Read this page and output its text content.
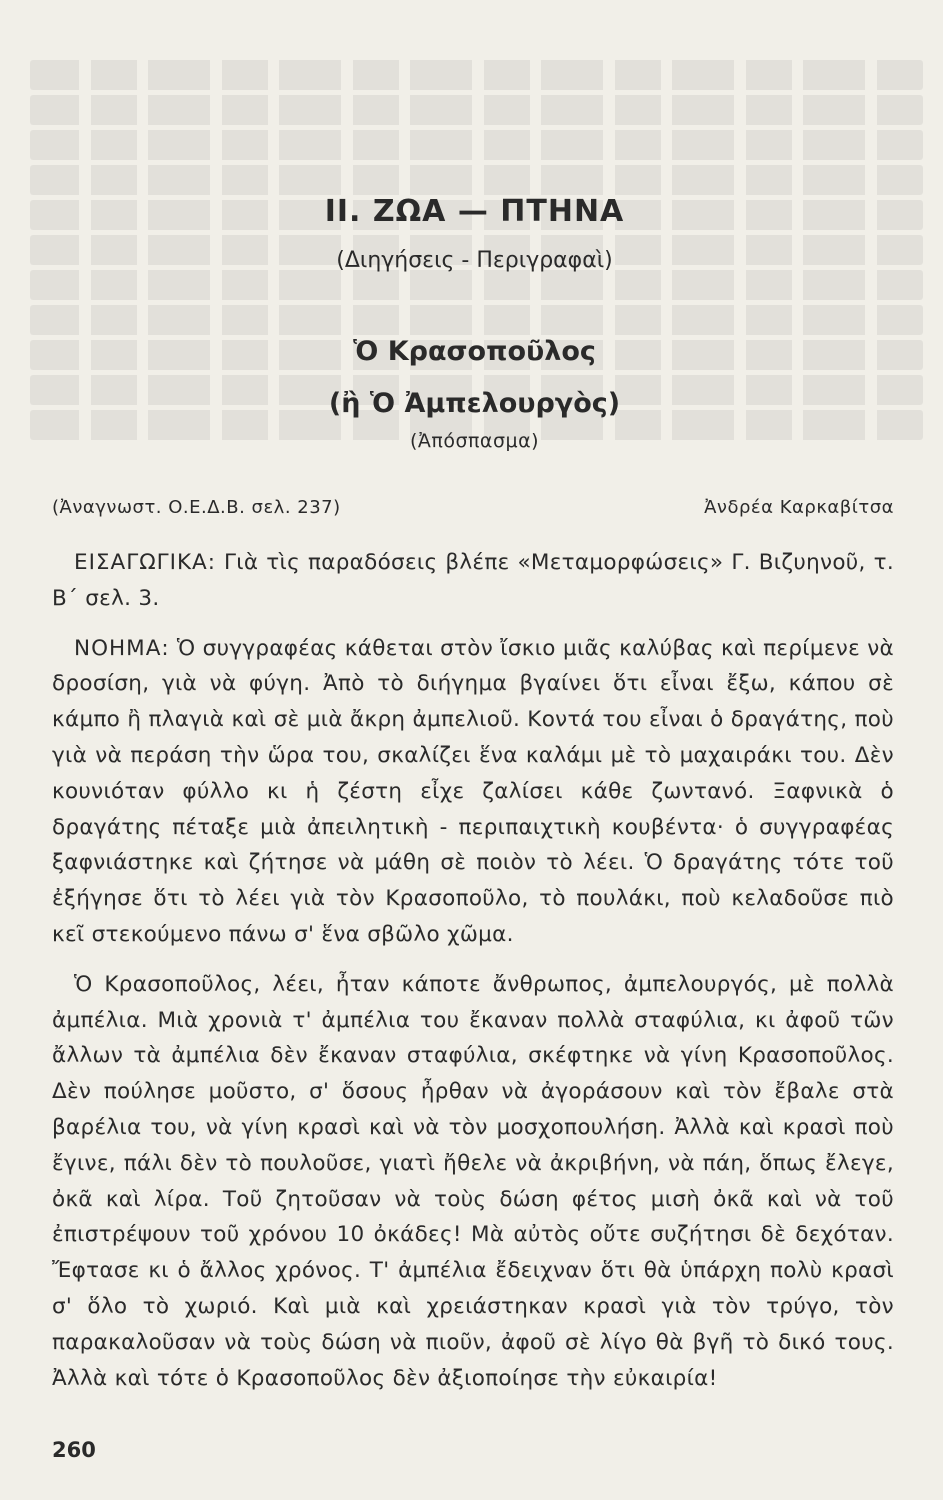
ΙΙ. ΖΩΑ — ΠΤΗΝΑ

(Διηγήσεις - Περιγραφαὶ)

Ὁ Κρασοποῦλος
(ἢ Ὁ Ἀμπελουργὸς)

(Ἀπόσπασμα)

(Ἀναγνωστ. Ο.Ε.Δ.Β. σελ. 237)	Ἀνδρέα Καρκαβίτσα

ΕΙΣΑΓΩΓΙΚΑ: Γιὰ τὶς παραδόσεις βλέπε «Μεταμορφώσεις» Γ. Βιζυηνοῦ, τ. Β΄ σελ. 3.

ΝΟΗΜΑ: Ὁ συγγραφέας κάθεται στὸν ἴσκιο μιᾶς καλύβας καὶ περίμενε νὰ δροσίση, γιὰ νὰ φύγη. Ἀπὸ τὸ διήγημα βγαίνει ὅτι εἶναι ἔξω, κάπου σὲ κάμπο ἢ πλαγιὰ καὶ σὲ μιὰ ἄκρη ἀμπελιοῦ. Κοντά του εἶναι ὁ δραγάτης, ποὺ γιὰ νὰ περάση τὴν ὥρα του, σκαλίζει ἕνα καλάμι μὲ τὸ μαχαιράκι του. Δὲν κουνιόταν φύλλο κι ἡ ζέστη εἶχε ζαλίσει κάθε ζωντανό. Ξαφνικὰ ὁ δραγάτης πέταξε μιὰ ἀπειλητικὴ - περιπαιχτικὴ κουβέντα· ὁ συγγραφέας ξαφνιάστηκε καὶ ζήτησε νὰ μάθη σὲ ποιὸν τὸ λέει. Ὁ δραγάτης τότε τοῦ ἐξήγησε ὅτι τὸ λέει γιὰ τὸν Κρασοποῦλο, τὸ πουλάκι, ποὺ κελαδοῦσε πιὸ κεῖ στεκούμενο πάνω σ' ἕνα σβῶλο χῶμα.

Ὁ Κρασοποῦλος, λέει, ἦταν κάποτε ἄνθρωπος, ἀμπελουργός, μὲ πολλὰ ἀμπέλια. Μιὰ χρονιὰ τ' ἀμπέλια του ἔκαναν πολλὰ σταφύλια, κι ἀφοῦ τῶν ἄλλων τὰ ἀμπέλια δὲν ἔκαναν σταφύλια, σκέφτηκε νὰ γίνη Κρασοποῦλος. Δὲν πούλησε μοῦστο, σ' ὅσους ἦρθαν νὰ ἀγοράσουν καὶ τὸν ἔβαλε στὰ βαρέλια του, νὰ γίνη κρασὶ καὶ νὰ τὸν μοσχοπουλήση. Ἀλλὰ καὶ κρασὶ ποὺ ἔγινε, πάλι δὲν τὸ πουλοῦσε, γιατὶ ἤθελε νὰ ἀκριβήνη, νὰ πάη, ὅπως ἔλεγε, ὀκᾶ καὶ λίρα. Τοῦ ζητοῦσαν νὰ τοὺς δώση φέτος μισὴ ὀκᾶ καὶ νὰ τοῦ ἐπιστρέψουν τοῦ χρόνου 10 ὀκάδες! Μὰ αὐτὸς οὔτε συζήτησι δὲ δεχόταν. Ἔφτασε κι ὁ ἄλλος χρόνος. Τ' ἀμπέλια ἔδειχναν ὅτι θὰ ὑπάρχη πολὺ κρασὶ σ' ὅλο τὸ χωριό. Καὶ μιὰ καὶ χρειάστηκαν κρασὶ γιὰ τὸν τρύγο, τὸν παρακαλοῦσαν νὰ τοὺς δώση νὰ πιοῦν, ἀφοῦ σὲ λίγο θὰ βγῆ τὸ δικό τους. Ἀλλὰ καὶ τότε ὁ Κρασοποῦλος δὲν ἀξιοποίησε τὴν εὐκαιρία!

260
